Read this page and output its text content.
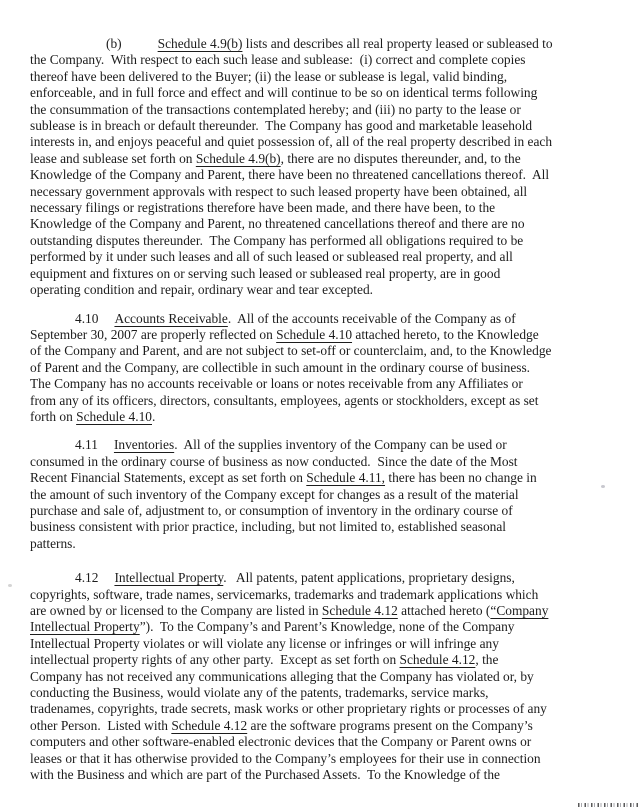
(b)	Schedule 4.9(b) lists and describes all real property leased or subleased to
the Company.  With respect to each such lease and sublease:  (i) correct and complete copies
thereof have been delivered to the Buyer; (ii) the lease or sublease is legal, valid binding,
enforceable, and in full force and effect and will continue to be so on identical terms following
the consummation of the transactions contemplated hereby; and (iii) no party to the lease or
sublease is in breach or default thereunder.  The Company has good and marketable leasehold
interests in, and enjoys peaceful and quiet possession of, all of the real property described in each
lease and sublease set forth on Schedule 4.9(b), there are no disputes thereunder, and, to the
Knowledge of the Company and Parent, there have been no threatened cancellations thereof.  All
necessary government approvals with respect to such leased property have been obtained, all
necessary filings or registrations therefore have been made, and there have been, to the
Knowledge of the Company and Parent, no threatened cancellations thereof and there are no
outstanding disputes thereunder.  The Company has performed all obligations required to be
performed by it under such leases and all of such leased or subleased real property, and all
equipment and fixtures on or serving such leased or subleased real property, are in good
operating condition and repair, ordinary wear and tear excepted.
4.10 Accounts Receivable.  All of the accounts receivable of the Company as of
September 30, 2007 are properly reflected on Schedule 4.10 attached hereto, to the Knowledge
of the Company and Parent, and are not subject to set-off or counterclaim, and, to the Knowledge
of Parent and the Company, are collectible in such amount in the ordinary course of business.
The Company has no accounts receivable or loans or notes receivable from any Affiliates or
from any of its officers, directors, consultants, employees, agents or stockholders, except as set
forth on Schedule 4.10.
4.11 Inventories.  All of the supplies inventory of the Company can be used or
consumed in the ordinary course of business as now conducted.  Since the date of the Most
Recent Financial Statements, except as set forth on Schedule 4.11, there has been no change in
the amount of such inventory of the Company except for changes as a result of the material
purchase and sale of, adjustment to, or consumption of inventory in the ordinary course of
business consistent with prior practice, including, but not limited to, established seasonal
patterns.
4.12 Intellectual Property.   All patents, patent applications, proprietary designs,
copyrights, software, trade names, servicemarks, trademarks and trademark applications which
are owned by or licensed to the Company are listed in Schedule 4.12 attached hereto (“Company
Intellectual Property”).  To the Company’s and Parent’s Knowledge, none of the Company
Intellectual Property violates or will violate any license or infringes or will infringe any
intellectual property rights of any other party.  Except as set forth on Schedule 4.12, the
Company has not received any communications alleging that the Company has violated or, by
conducting the Business, would violate any of the patents, trademarks, service marks,
tradenames, copyrights, trade secrets, mask works or other proprietary rights or processes of any
other Person.  Listed with Schedule 4.12 are the software programs present on the Company’s
computers and other software-enabled electronic devices that the Company or Parent owns or
leases or that it has otherwise provided to the Company’s employees for their use in connection
with the Business and which are part of the Purchased Assets.  To the Knowledge of the
